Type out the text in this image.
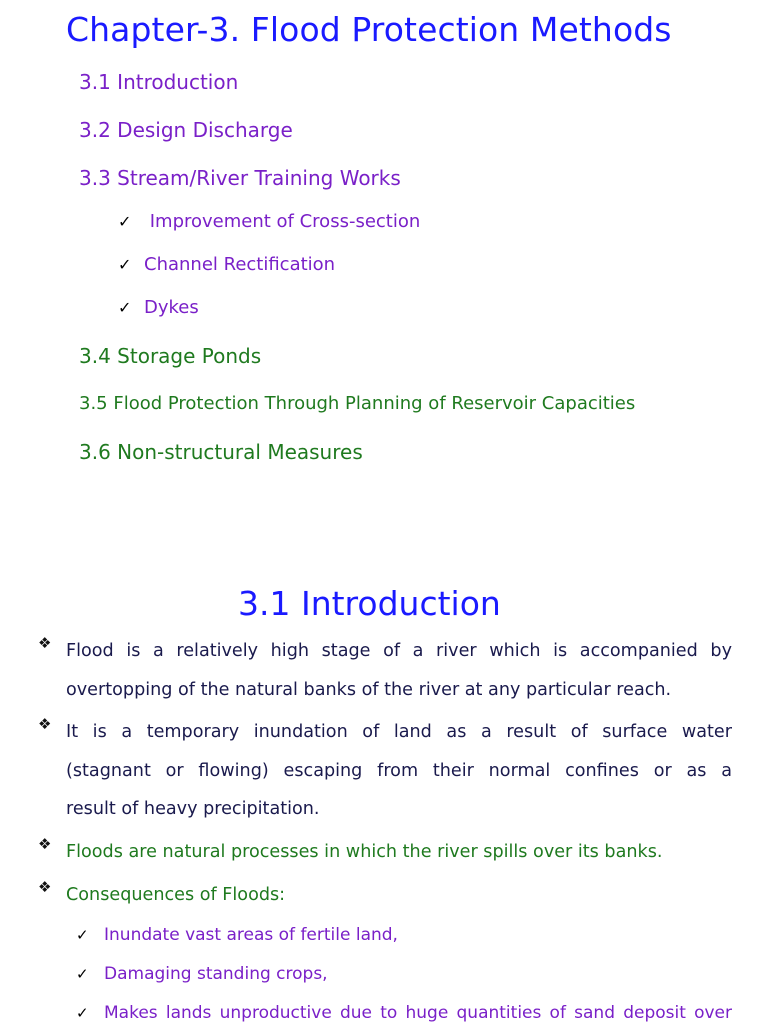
Chapter-3. Flood Protection Methods
3.1 Introduction
3.2 Design Discharge
3.3 Stream/River Training Works
✓ Improvement of Cross-section
✓ Channel Rectification
✓ Dykes
3.4 Storage Ponds
3.5 Flood Protection Through Planning of Reservoir Capacities
3.6 Non-structural Measures
3.1 Introduction
❖ Flood is a relatively high stage of a river which is accompanied by
overtopping of the natural banks of the river at any particular reach.
❖ It is a temporary inundation of land as a result of surface water
(stagnant or flowing) escaping from their normal confines or as a
result of heavy precipitation.
❖ Floods are natural processes in which the river spills over its banks.
❖ Consequences of Floods:
✓ Inundate vast areas of fertile land,
✓ Damaging standing crops,
✓ Makes lands unproductive due to huge quantities of sand deposit over
